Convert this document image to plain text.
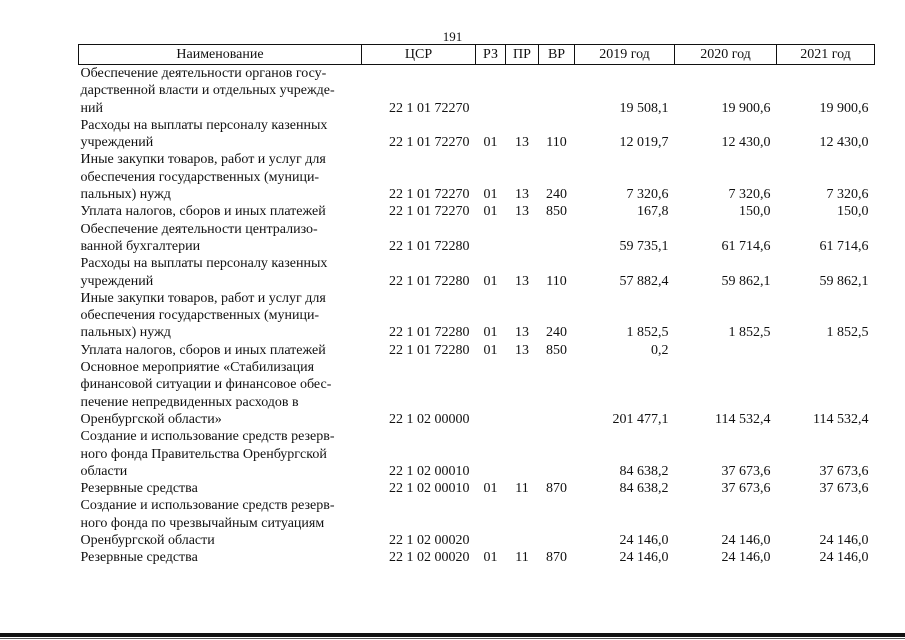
191
Наименование	ЦСР	РЗ	ПР	ВР	2019 год	2020 год	2021 год

Обеспечение деятельности органов госу-
дарственной власти и отдельных учрежде-
ний	22 1 01 72270				19 508,1	19 900,6	19 900,6

Расходы на выплаты персоналу казенных
учреждений	22 1 01 72270	01	13	110	12 019,7	12 430,0	12 430,0

Иные закупки товаров, работ и услуг для
обеспечения государственных (муници-
пальных) нужд	22 1 01 72270	01	13	240	7 320,6	7 320,6	7 320,6

Уплата налогов, сборов и иных платежей	22 1 01 72270	01	13	850	167,8	150,0	150,0

Обеспечение деятельности централизо-
ванной бухгалтерии	22 1 01 72280				59 735,1	61 714,6	61 714,6

Расходы на выплаты персоналу казенных
учреждений	22 1 01 72280	01	13	110	57 882,4	59 862,1	59 862,1

Иные закупки товаров, работ и услуг для
обеспечения государственных (муници-
пальных) нужд	22 1 01 72280	01	13	240	1 852,5	1 852,5	1 852,5

Уплата налогов, сборов и иных платежей	22 1 01 72280	01	13	850	0,2		

Основное мероприятие «Стабилизация
финансовой ситуации и финансовое обес-
печение непредвиденных расходов в
Оренбургской области»	22 1 02 00000				201 477,1	114 532,4	114 532,4

Создание и использование средств резерв-
ного фонда Правительства Оренбургской
области	22 1 02 00010				84 638,2	37 673,6	37 673,6

Резервные средства	22 1 02 00010	01	11	870	84 638,2	37 673,6	37 673,6

Создание и использование средств резерв-
ного фонда по чрезвычайным ситуациям
Оренбургской области	22 1 02 00020				24 146,0	24 146,0	24 146,0

Резервные средства	22 1 02 00020	01	11	870	24 146,0	24 146,0	24 146,0
